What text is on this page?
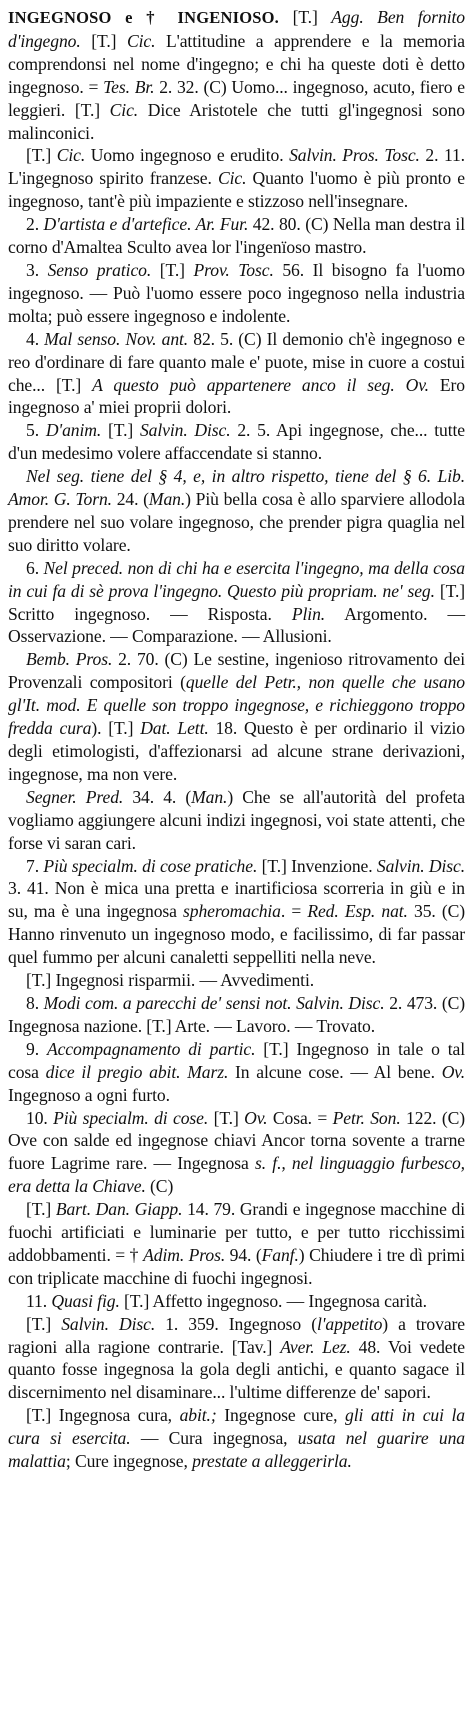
INGEGNOSO e † INGENIOSO. [T.] Agg. Ben fornito d'ingegno. [T.] Cic. L'attitudine a apprendere e la memoria comprendonsi nel nome d'ingegno; e chi ha queste doti è detto ingegnoso. = Tes. Br. 2. 32. (C) Uomo... ingegnoso, acuto, fiero e leggieri. [T.] Cic. Dice Aristotele che tutti gl'ingegnosi sono malinconici.

[T.] Cic. Uomo ingegnoso e erudito. Salvin. Pros. Tosc. 2. 11. L'ingegnoso spirito franzese. Cic. Quanto l'uomo è più pronto e ingegnoso, tant'è più impaziente e stizzoso nell'insegnare.

2. D'artista e d'artefice. Ar. Fur. 42. 80. (C) Nella man destra il corno d'Amaltea Sculto avea lor l'ingenïoso mastro.

3. Senso pratico. [T.] Prov. Tosc. 56. Il bisogno fa l'uomo ingegnoso. — Può l'uomo essere poco ingegnoso nella industria molta; può essere ingegnoso e indolente.

4. Mal senso. Nov. ant. 82. 5. (C) Il demonio ch'è ingegnoso e reo d'ordinare di fare quanto male e' puote, mise in cuore a costui che... [T.] A questo può appartenere anco il seg. Ov. Ero ingegnoso a' miei proprii dolori.

5. D'anim. [T.] Salvin. Disc. 2. 5. Api ingegnose, che... tutte d'un medesimo volere affaccendate si stanno.

Nel seg. tiene del § 4, e, in altro rispetto, tiene del § 6. Lib. Amor. G. Torn. 24. (Man.) Più bella cosa è allo sparviere allodola prendere nel suo volare ingegnoso, che prender pigra quaglia nel suo diritto volare.

6. Nel preced. non di chi ha e esercita l'ingegno, ma della cosa in cui fa di sè prova l'ingegno. Questo più propriam. ne' seg. [T.] Scritto ingegnoso. — Risposta. Plin. Argomento. — Osservazione. — Comparazione. — Allusioni.

Bemb. Pros. 2. 70. (C) Le sestine, ingenioso ritrovamento dei Provenzali compositori (quelle del Petr., non quelle che usano gl'It. mod. E quelle son troppo ingegnose, e richieggono troppo fredda cura). [T.] Dat. Lett. 18. Questo è per ordinario il vizio degli etimologisti, d'affezionarsi ad alcune strane derivazioni, ingegnose, ma non vere.

Segner. Pred. 34. 4. (Man.) Che se all'autorità del profeta vogliamo aggiungere alcuni indizi ingegnosi, voi state attenti, che forse vi saran cari.

7. Più specialm. di cose pratiche. [T.] Invenzione. Salvin. Disc. 3. 41. Non è mica una pretta e inartificiosa scorreria in giù e in su, ma è una ingegnosa spheromachia. = Red. Esp. nat. 35. (C) Hanno rinvenuto un ingegnoso modo, e facilissimo, di far passar quel fummo per alcuni canaletti seppelliti nella neve.

[T.] Ingegnosi risparmii. — Avvedimenti.

8. Modi com. a parecchi de' sensi not. Salvin. Disc. 2. 473. (C) Ingegnosa nazione. [T.] Arte. — Lavoro. — Trovato.

9. Accompagnamento di partic. [T.] Ingegnoso in tale o tal cosa dice il pregio abit. Marz. In alcune cose. — Al bene. Ov. Ingegnoso a ogni furto.

10. Più specialm. di cose. [T.] Ov. Cosa. = Petr. Son. 122. (C) Ove con salde ed ingegnose chiavi Ancor torna sovente a trarne fuore Lagrime rare. — Ingegnosa s. f., nel linguaggio furbesco, era detta la Chiave. (C)

[T.] Bart. Dan. Giapp. 14. 79. Grandi e ingegnose macchine di fuochi artificiati e luminarie per tutto, e per tutto ricchissimi addobbamenti. = † Adim. Pros. 94. (Fanf.) Chiudere i tre dì primi con triplicate macchine di fuochi ingegnosi.

11. Quasi fig. [T.] Affetto ingegnoso. — Ingegnosa carità.

[T.] Salvin. Disc. 1. 359. Ingegnoso (l'appetito) a trovare ragioni alla ragione contrarie. [Tav.] Aver. Lez. 48. Voi vedete quanto fosse ingegnosa la gola degli antichi, e quanto sagace il discernimento nel disaminare... l'ultime differenze de' sapori.

[T.] Ingegnosa cura, abit.; Ingegnose cure, gli atti in cui la cura si esercita. — Cura ingegnosa, usata nel guarire una malattia; Cure ingegnose, prestate a alleggerirla.
